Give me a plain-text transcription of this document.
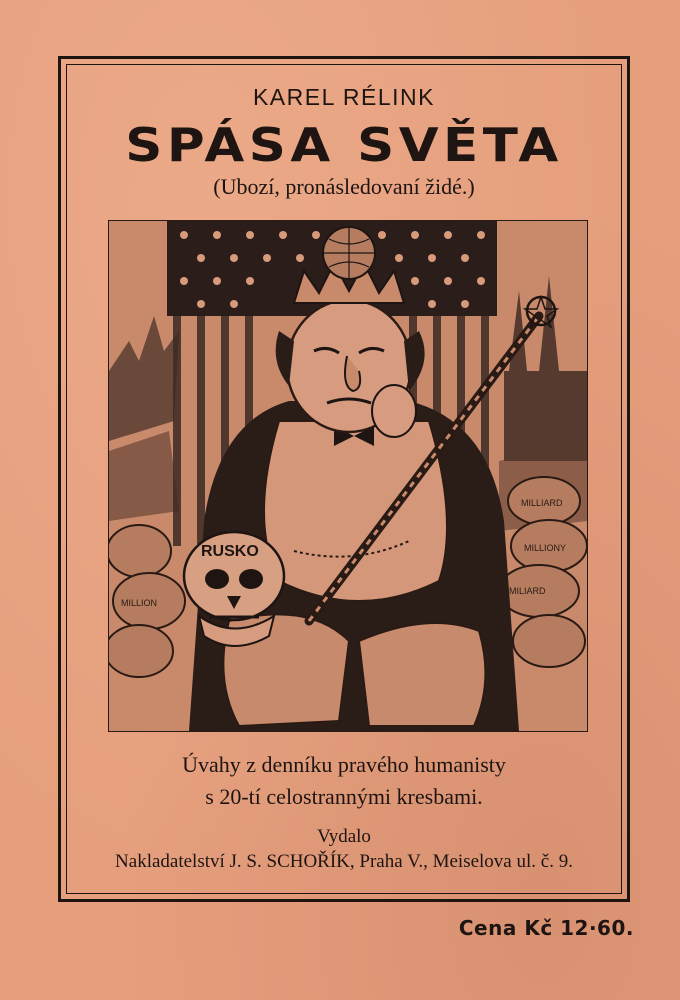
KAREL RÉLINK
SPÁSA SVĚTA
(Ubozí, pronásledovaní židé.)
MILLIARD
MILLIONY
MILIARD
MILLION
RUSKO
Úvahy z denníku pravého humanisty
s 20-tí celostrannými kresbami.
Vydalo
Nakladatelství J. S. SCHOŘÍK, Praha V., Meiselova ul. č. 9.
Cena Kč 12·60.
